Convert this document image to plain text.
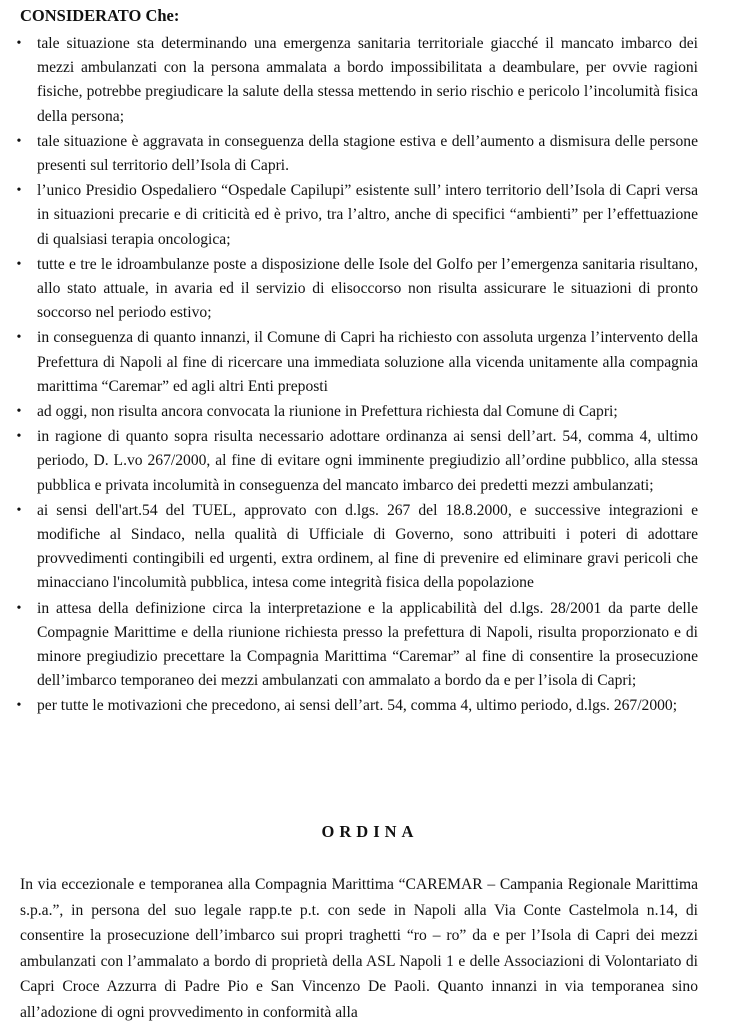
CONSIDERATO Che:

• tale situazione sta determinando una emergenza sanitaria territoriale giacché il mancato imbarco dei mezzi ambulanzati con la persona ammalata a bordo impossibilitata a deambulare, per ovvie ragioni fisiche, potrebbe pregiudicare la salute della stessa mettendo in serio rischio e pericolo l’incolumità fisica della persona;
• tale situazione è aggravata in conseguenza della stagione estiva e dell’aumento a dismisura delle persone presenti sul territorio dell’Isola di Capri.
• l’unico Presidio Ospedaliero “Ospedale Capilupi” esistente sull’ intero territorio dell’Isola di Capri versa in situazioni precarie e di criticità ed è privo, tra l’altro, anche di specifici “ambienti” per l’effettuazione di qualsiasi terapia oncologica;
• tutte e tre le idroambulanze poste a disposizione delle Isole del Golfo per l’emergenza sanitaria risultano, allo stato attuale, in avaria ed il servizio di elisoccorso non risulta assicurare le situazioni di pronto soccorso nel periodo estivo;
• in conseguenza di quanto innanzi, il Comune di Capri ha richiesto con assoluta urgenza l’intervento della Prefettura di Napoli al fine di ricercare una immediata soluzione alla vicenda unitamente alla compagnia marittima “Caremar” ed agli altri Enti preposti
• ad oggi, non risulta ancora convocata la riunione in Prefettura richiesta dal Comune di Capri;
• in ragione di quanto sopra risulta necessario adottare ordinanza ai sensi dell’art. 54, comma 4, ultimo periodo, D. L.vo 267/2000, al fine di evitare ogni imminente pregiudizio all’ordine pubblico, alla stessa pubblica e privata incolumità in conseguenza del mancato imbarco dei predetti mezzi ambulanzati;
• ai sensi dell'art.54 del TUEL, approvato con d.lgs. 267 del 18.8.2000, e successive integrazioni e modifiche al Sindaco, nella qualità di Ufficiale di Governo, sono attribuiti i poteri di adottare provvedimenti contingibili ed urgenti, extra ordinem, al fine di prevenire ed eliminare gravi pericoli che minacciano l'incolumità pubblica, intesa come integrità fisica della popolazione
• in attesa della definizione circa la interpretazione e la applicabilità del d.lgs. 28/2001 da parte delle Compagnie Marittime e della riunione richiesta presso la prefettura di Napoli, risulta proporzionato e di minore pregiudizio precettare la Compagnia Marittima “Caremar” al fine di consentire la prosecuzione dell’imbarco temporaneo dei mezzi ambulanzati con ammalato a bordo da e per l’isola di Capri;
• per tutte le motivazioni che precedono, ai sensi dell’art. 54, comma 4, ultimo periodo, d.lgs. 267/2000;

ORDINA

In via eccezionale e temporanea alla Compagnia Marittima “CAREMAR – Campania Regionale Marittima s.p.a.”, in persona del suo legale rapp.te p.t. con sede in Napoli alla Via Conte Castelmola n.14, di consentire la prosecuzione dell’imbarco sui propri traghetti “ro – ro” da e per l’Isola di Capri dei mezzi ambulanzati con l’ammalato a bordo di proprietà della ASL Napoli 1 e delle Associazioni di Volontariato di Capri Croce Azzurra di Padre Pio e San Vincenzo De Paoli. Quanto innanzi in via temporanea sino all’adozione di ogni provvedimento in conformità alla
